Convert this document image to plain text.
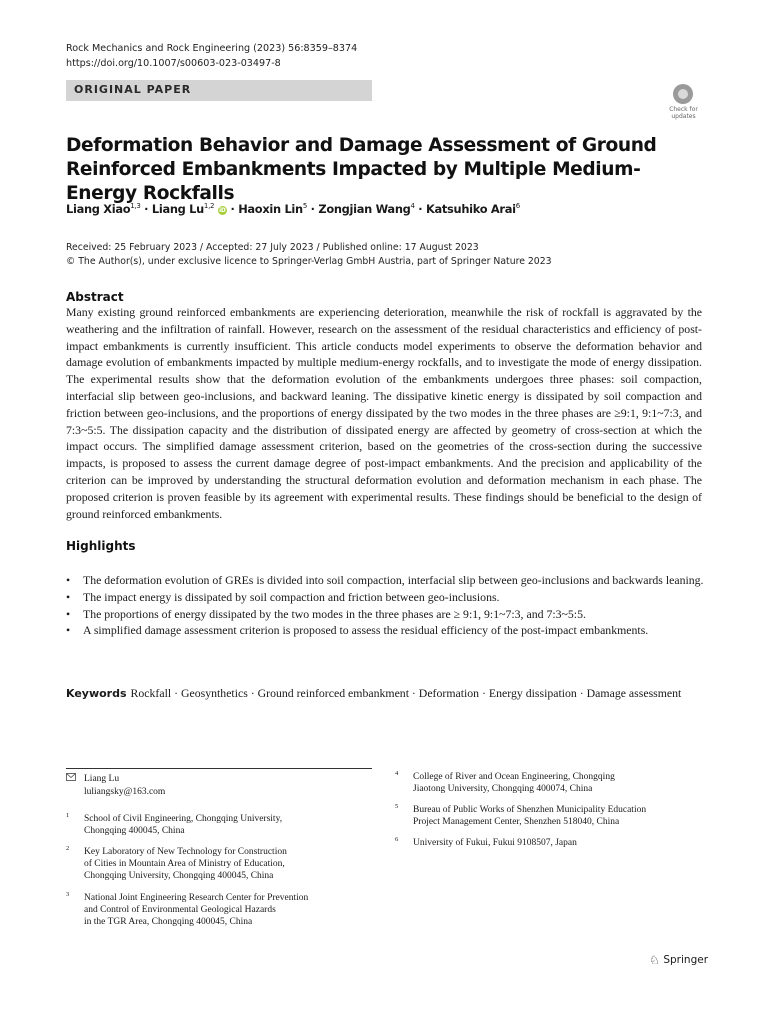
Rock Mechanics and Rock Engineering (2023) 56:8359–8374
https://doi.org/10.1007/s00603-023-03497-8
ORIGINAL PAPER
Check for
updates
Deformation Behavior and Damage Assessment of Ground Reinforced Embankments Impacted by Multiple Medium-Energy Rockfalls
Liang Xiao$^{1,3}$ · Liang Lu$^{1,2}$ iD · Haoxin Lin$^5$ · Zongjian Wang$^4$ · Katsuhiko Arai$^6$
Received: 25 February 2023 / Accepted: 27 July 2023 / Published online: 17 August 2023
© The Author(s), under exclusive licence to Springer-Verlag GmbH Austria, part of Springer Nature 2023
Abstract
Many existing ground reinforced embankments are experiencing deterioration, meanwhile the risk of rockfall is aggravated by the weathering and the infiltration of rainfall. However, research on the assessment of the residual characteristics and efficiency of post-impact embankments is currently insufficient. This article conducts model experiments to observe the deformation behavior and damage evolution of embankments impacted by multiple medium-energy rockfalls, and to investigate the mode of energy dissipation. The experimental results show that the deformation evolution of the embankments undergoes three phases: soil compaction, interfacial slip between geo-inclusions, and backward leaning. The dissipative kinetic energy is dissipated by soil compaction and friction between geo-inclusions, and the proportions of energy dissipated by the two modes in the three phases are ≥9:1, 9:1~7:3, and 7:3~5:5. The dissipation capacity and the distribution of dissipated energy are affected by geometry of cross-section at which the impact occurs. The simplified damage assessment criterion, based on the geometries of the cross-section during the successive impacts, is proposed to assess the current damage degree of post-impact embankments. And the precision and applicability of the criterion can be improved by understanding the structural deformation evolution and deformation mechanism in each phase. The proposed criterion is proven feasible by its agreement with experimental results. These findings should be beneficial to the design of ground reinforced embankments.
Highlights
• The deformation evolution of GREs is divided into soil compaction, interfacial slip between geo-inclusions and backwards leaning.
• The impact energy is dissipated by soil compaction and friction between geo-inclusions.
• The proportions of energy dissipated by the two modes in the three phases are ≥ 9:1, 9:1~7:3, and 7:3~5:5.
• A simplified damage assessment criterion is proposed to assess the residual efficiency of the post-impact embankments.
Keywords Rockfall · Geosynthetics · Ground reinforced embankment · Deformation · Energy dissipation · Damage assessment
Liang Lu
luliangsky@163.com
1 School of Civil Engineering, Chongqing University,
Chongqing 400045, China
2 Key Laboratory of New Technology for Construction
of Cities in Mountain Area of Ministry of Education,
Chongqing University, Chongqing 400045, China
3 National Joint Engineering Research Center for Prevention
and Control of Environmental Geological Hazards
in the TGR Area, Chongqing 400045, China
4 College of River and Ocean Engineering, Chongqing
Jiaotong University, Chongqing 400074, China
5 Bureau of Public Works of Shenzhen Municipality Education
Project Management Center, Shenzhen 518040, China
6 University of Fukui, Fukui 9108507, Japan
♘ Springer
